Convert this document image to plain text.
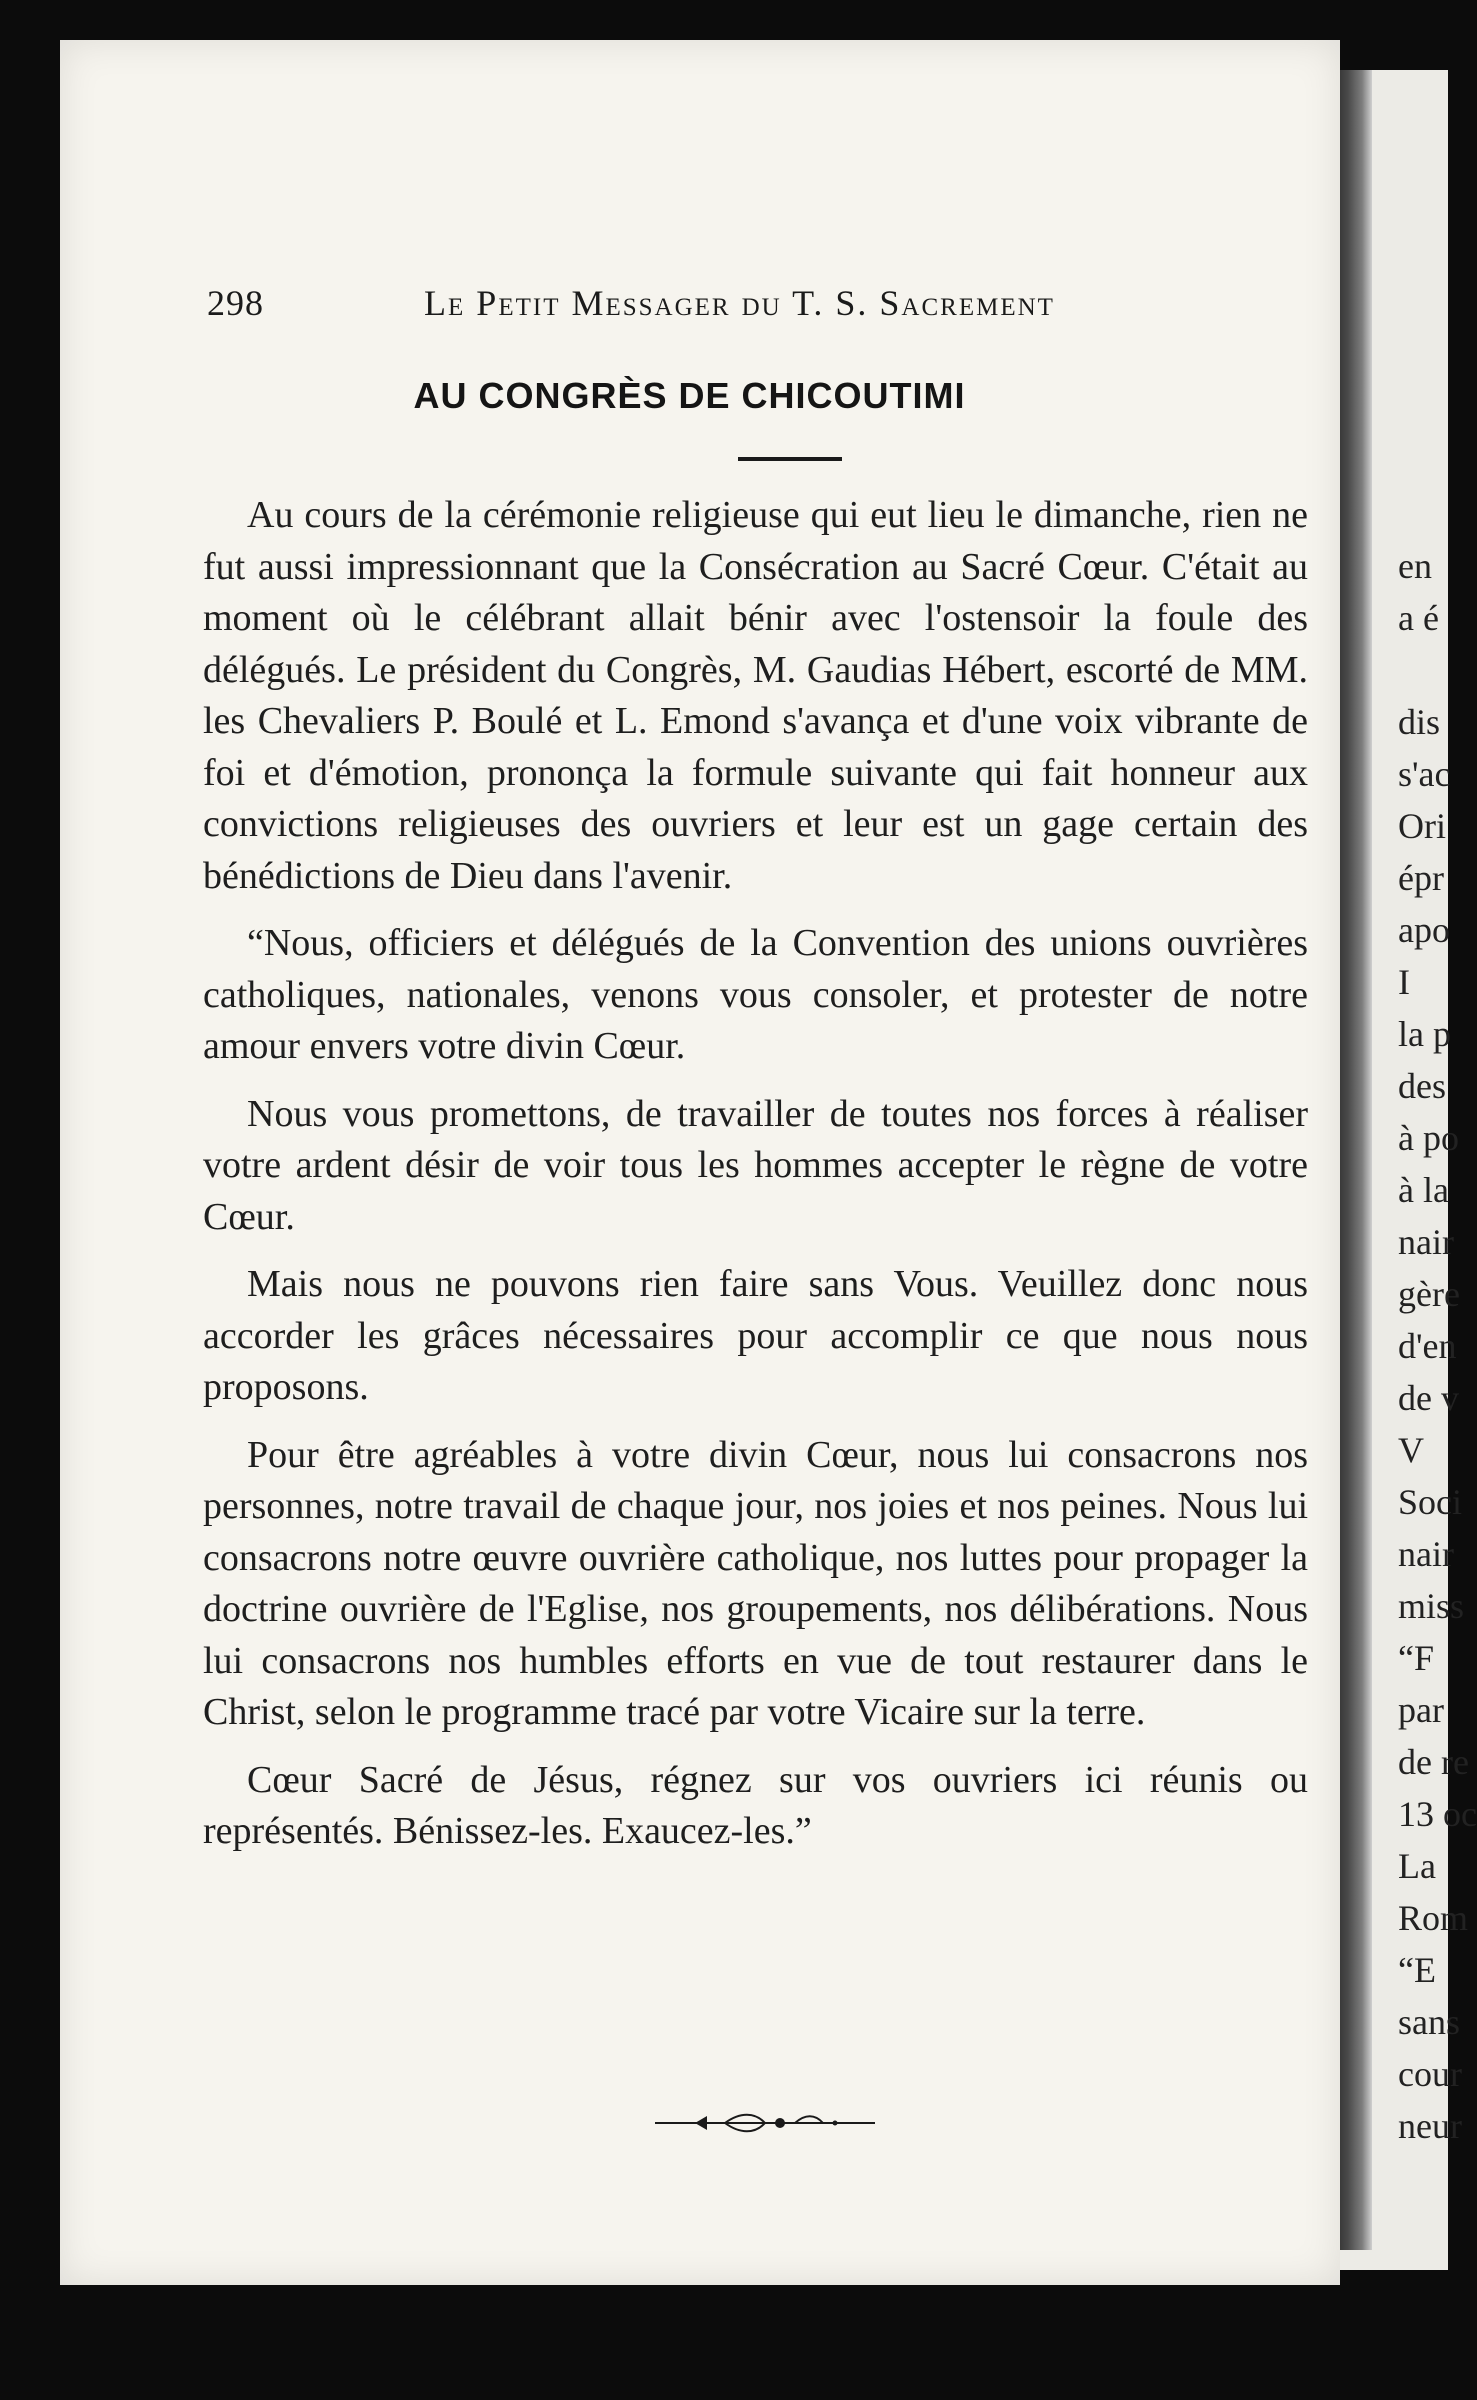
en
a é

dis
s'ac
Ori
épr
apo
I
la p
des
à po
à la
nair
gère
d'en
de v
V
Soci
nair
miss
“F
par
de re
13 oc
La
Rom
“E
sans
cour
neur
298	Le Petit Messager du T. S. Sacrement
AU CONGRÈS DE CHICOUTIMI

Au cours de la cérémonie religieuse qui eut lieu le dimanche, rien ne fut aussi impressionnant que la Consécration au Sacré Cœur. C'était au moment où le célébrant allait bénir avec l'ostensoir la foule des délégués. Le président du Congrès, M. Gaudias Hébert, escorté de MM. les Chevaliers P. Boulé et L. Emond s'avança et d'une voix vibrante de foi et d'émotion, prononça la formule suivante qui fait honneur aux convictions religieuses des ouvriers et leur est un gage certain des bénédictions de Dieu dans l'avenir.

“Nous, officiers et délégués de la Convention des unions ouvrières catholiques, nationales, venons vous consoler, et protester de notre amour envers votre divin Cœur.

Nous vous promettons, de travailler de toutes nos forces à réaliser votre ardent désir de voir tous les hommes accepter le règne de votre Cœur.

Mais nous ne pouvons rien faire sans Vous. Veuillez donc nous accorder les grâces nécessaires pour accomplir ce que nous nous proposons.

Pour être agréables à votre divin Cœur, nous lui consacrons nos personnes, notre travail de chaque jour, nos joies et nos peines. Nous lui consacrons notre œuvre ouvrière catholique, nos luttes pour propager la doctrine ouvrière de l'Eglise, nos groupements, nos délibérations. Nous lui consacrons nos humbles efforts en vue de tout restaurer dans le Christ, selon le programme tracé par votre Vicaire sur la terre.

Cœur Sacré de Jésus, régnez sur vos ouvriers ici réunis ou représentés. Bénissez-les. Exaucez-les.”
